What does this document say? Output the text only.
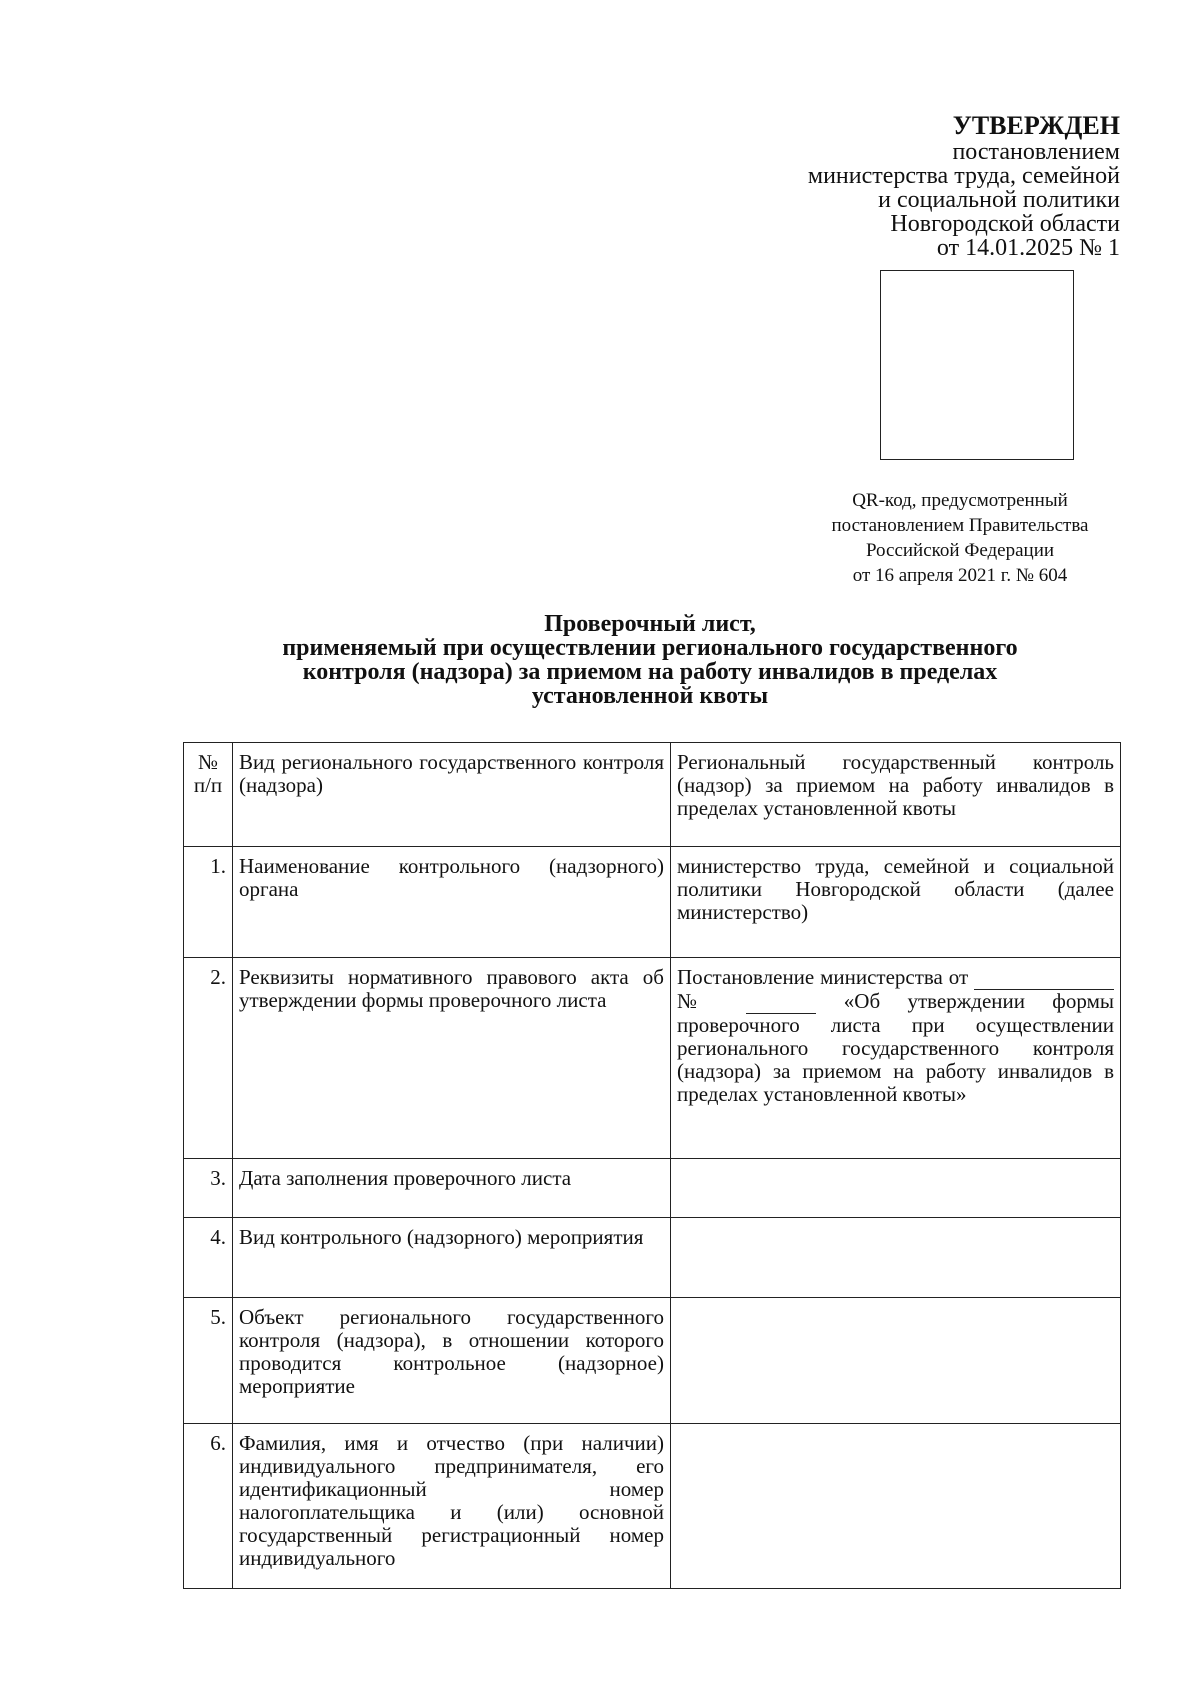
УТВЕРЖДЕН
постановлением
министерства труда, семейной
и социальной политики
Новгородской области
от 14.01.2025 № 1
QR-код, предусмотренный
постановлением Правительства
Российской Федерации
от 16 апреля 2021 г. № 604
Проверочный лист,
применяемый при осуществлении регионального государственного
контроля (надзора) за приемом на работу инвалидов в пределах
установленной квоты
№ п/п	Вид регионального государственного контроля (надзора)	Региональный государственный контроль (надзор) за приемом на работу инвалидов в пределах установленной квоты
1.	Наименование контрольного (надзорного) органа	министерство труда, семейной и социальной политики Новгородской области (далее министерство)
2.	Реквизиты нормативного правового акта об утверждении формы проверочного листа	Постановление министерства от   № «Об утверждении формы проверочного листа при осуществлении регионального государственного контроля (надзора) за приемом на работу инвалидов в пределах установленной квоты»
3.	Дата заполнения проверочного листа	
4.	Вид контрольного (надзорного) мероприятия	
5.	Объект регионального государственного контроля (надзора), в отношении которого проводится контрольное (надзорное) мероприятие	
6.	Фамилия, имя и отчество (при наличии) индивидуального предпринимателя, его идентификационный номер налогоплательщика и (или) основной государственный регистрационный номер индивидуального	
